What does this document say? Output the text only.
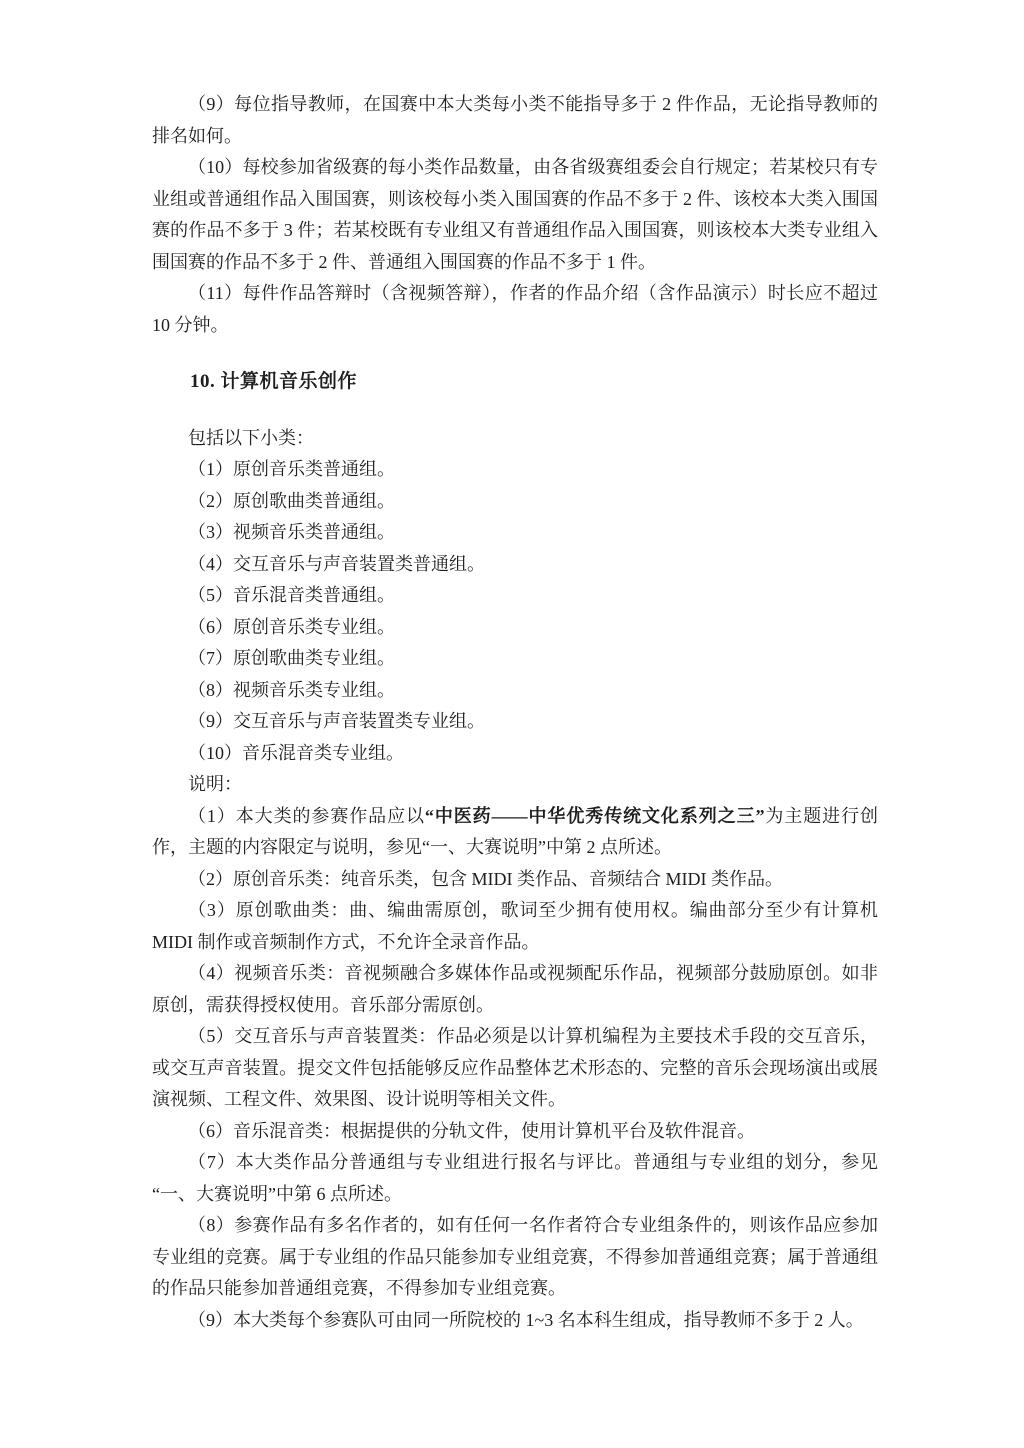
（9）每位指导教师，在国赛中本大类每小类不能指导多于 2 件作品，无论指导教师的排名如何。

（10）每校参加省级赛的每小类作品数量，由各省级赛组委会自行规定；若某校只有专业组或普通组作品入围国赛，则该校每小类入围国赛的作品不多于 2 件、该校本大类入围国赛的作品不多于 3 件；若某校既有专业组又有普通组作品入围国赛，则该校本大类专业组入围国赛的作品不多于 2 件、普通组入围国赛的作品不多于 1 件。

（11）每件作品答辩时（含视频答辩），作者的作品介绍（含作品演示）时长应不超过 10 分钟。

10. 计算机音乐创作

包括以下小类：

（1）原创音乐类普通组。

（2）原创歌曲类普通组。

（3）视频音乐类普通组。

（4）交互音乐与声音装置类普通组。

（5）音乐混音类普通组。

（6）原创音乐类专业组。

（7）原创歌曲类专业组。

（8）视频音乐类专业组。

（9）交互音乐与声音装置类专业组。

（10）音乐混音类专业组。

说明：

（1）本大类的参赛作品应以“中医药——中华优秀传统文化系列之三”为主题进行创作，主题的内容限定与说明，参见“一、大赛说明”中第 2 点所述。

（2）原创音乐类：纯音乐类，包含 MIDI 类作品、音频结合 MIDI 类作品。

（3）原创歌曲类：曲、编曲需原创，歌词至少拥有使用权。编曲部分至少有计算机 MIDI 制作或音频制作方式，不允许全录音作品。

（4）视频音乐类：音视频融合多媒体作品或视频配乐作品，视频部分鼓励原创。如非原创，需获得授权使用。音乐部分需原创。

（5）交互音乐与声音装置类：作品必须是以计算机编程为主要技术手段的交互音乐，或交互声音装置。提交文件包括能够反应作品整体艺术形态的、完整的音乐会现场演出或展演视频、工程文件、效果图、设计说明等相关文件。

（6）音乐混音类：根据提供的分轨文件，使用计算机平台及软件混音。

（7）本大类作品分普通组与专业组进行报名与评比。普通组与专业组的划分，参见“一、大赛说明”中第 6 点所述。

（8）参赛作品有多名作者的，如有任何一名作者符合专业组条件的，则该作品应参加专业组的竞赛。属于专业组的作品只能参加专业组竞赛，不得参加普通组竞赛；属于普通组的作品只能参加普通组竞赛，不得参加专业组竞赛。

（9）本大类每个参赛队可由同一所院校的 1~3 名本科生组成，指导教师不多于 2 人。
